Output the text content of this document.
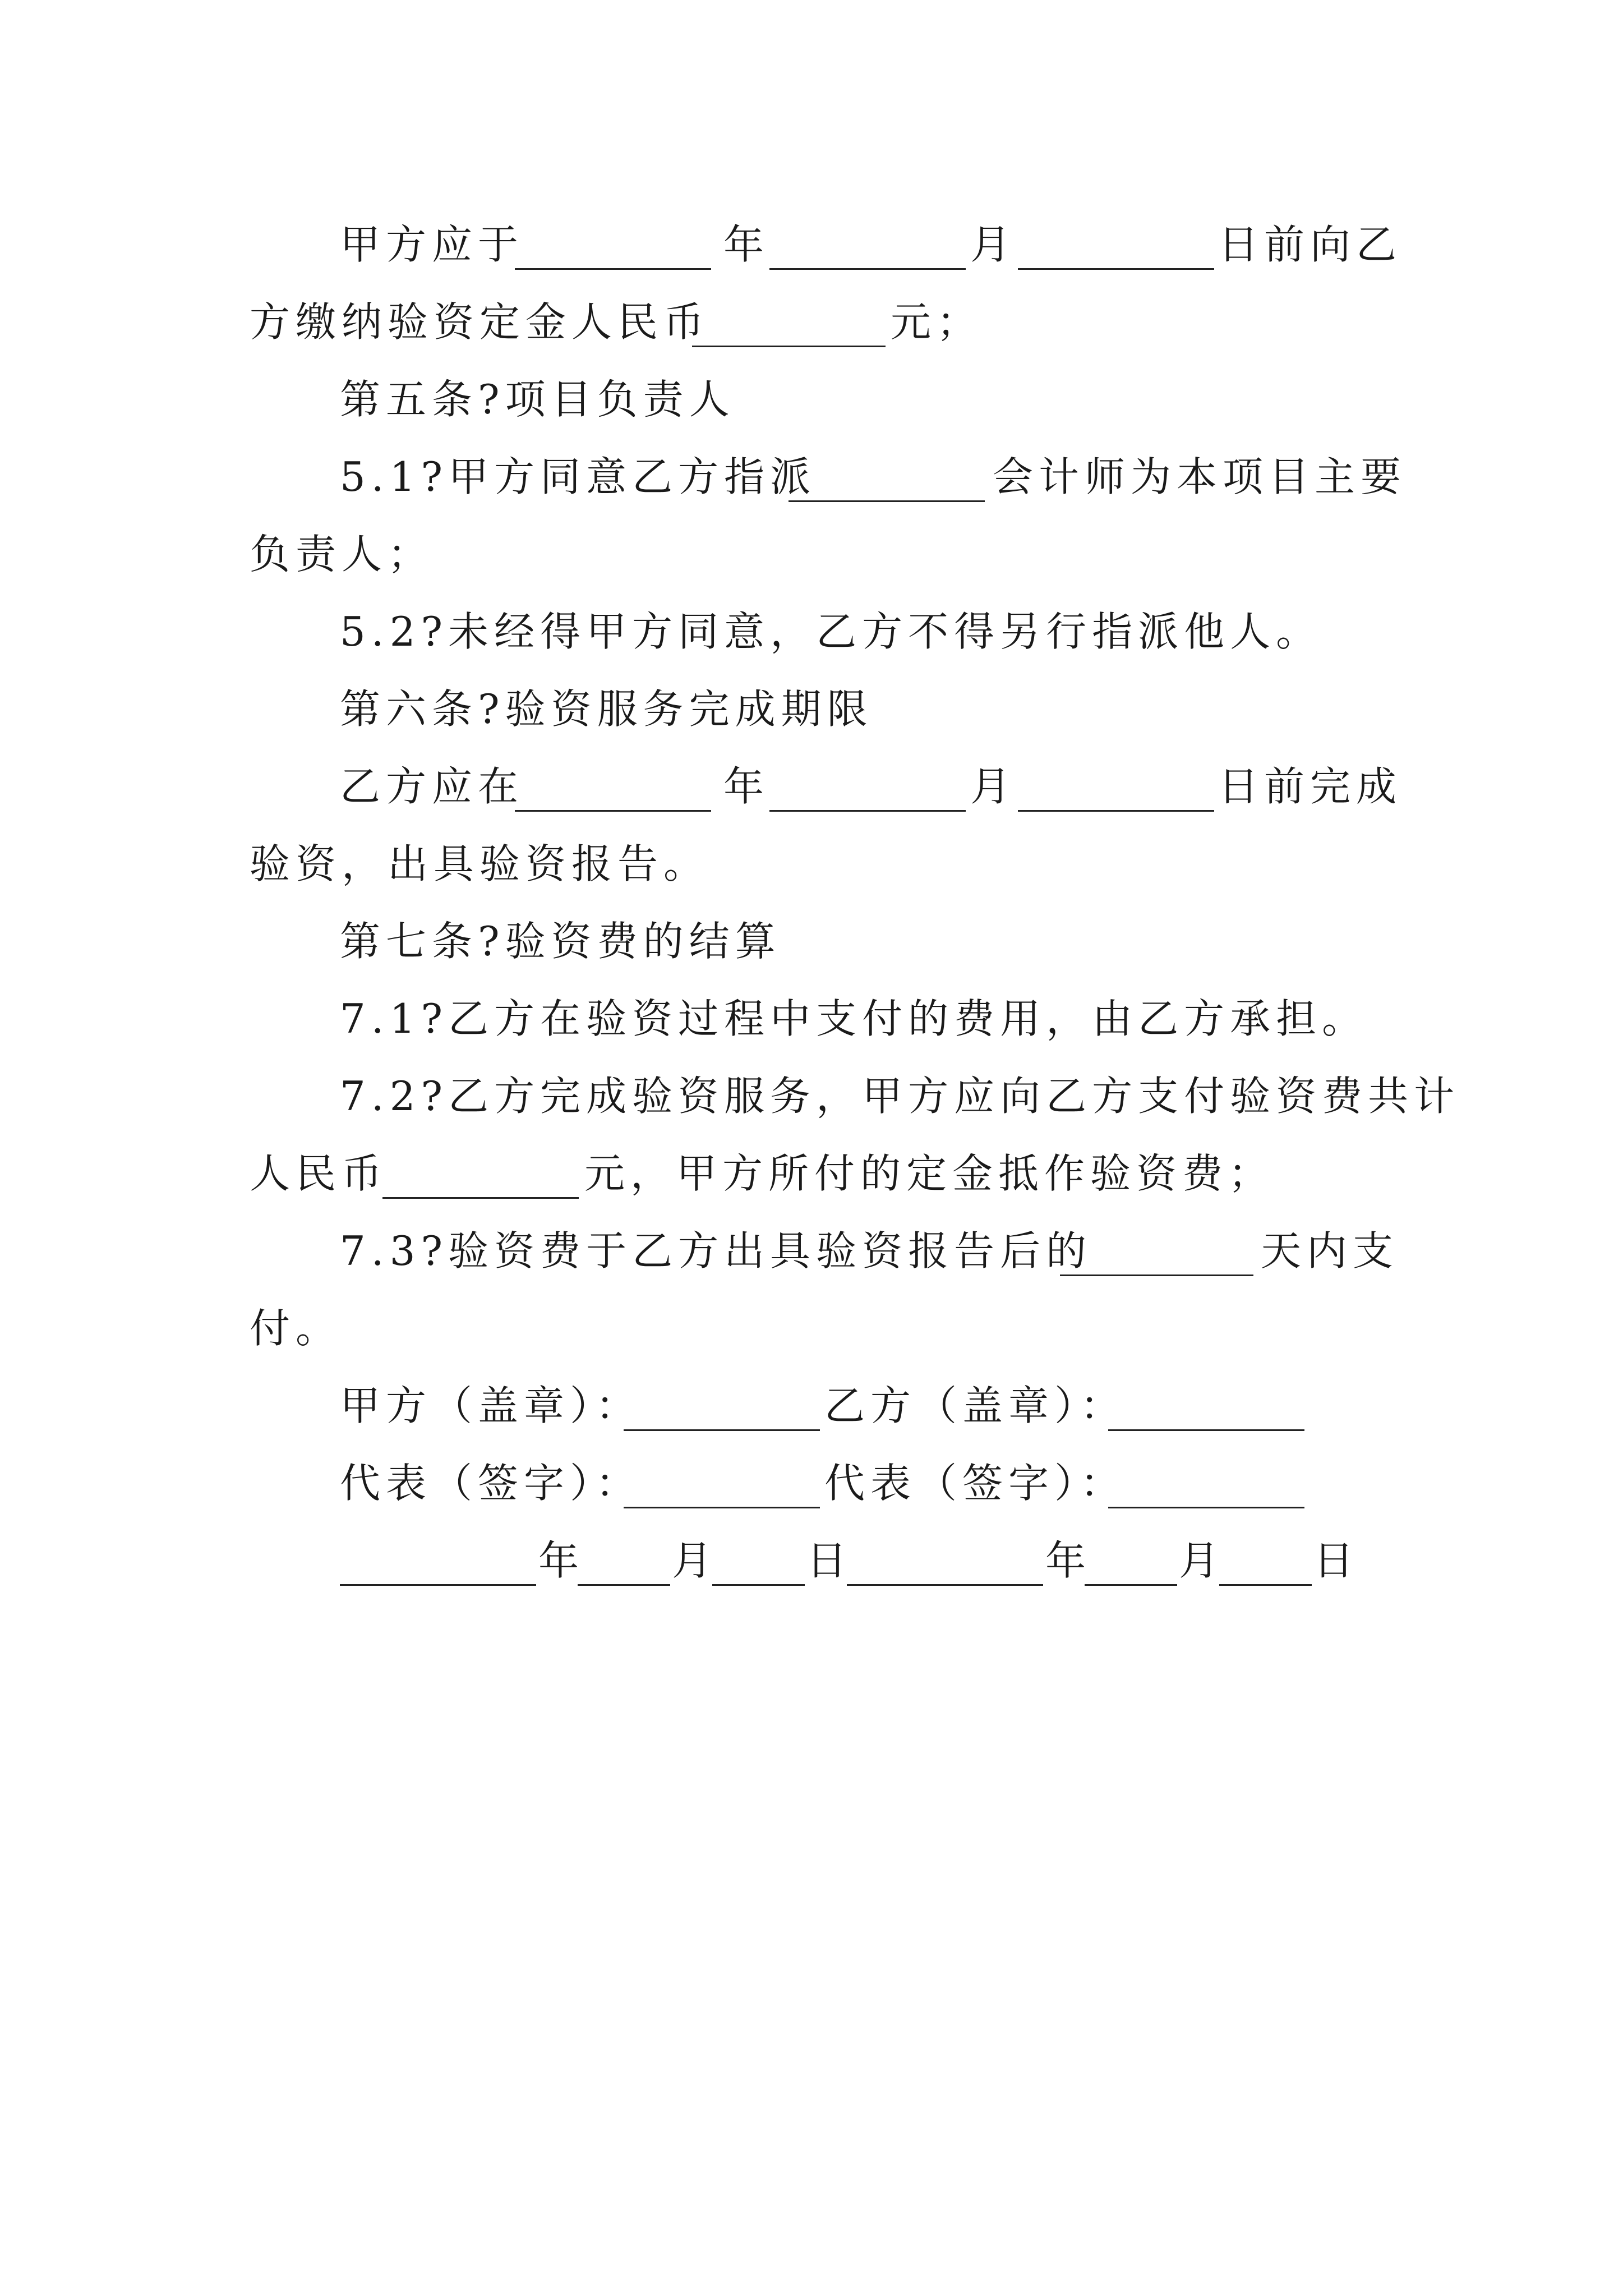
甲方应于	年	月	日前向乙
方缴纳验资定金人民币	元；
第五条?项目负责人
5.1?甲方同意乙方指派	会计师为本项目主要
负责人；
5.2?未经得甲方同意，乙方不得另行指派他人。
第六条?验资服务完成期限
乙方应在	年	月	日前完成
验资，出具验资报告。
第七条?验资费的结算
7.1?乙方在验资过程中支付的费用，由乙方承担。
7.2?乙方完成验资服务，甲方应向乙方支付验资费共计
人民币	元，甲方所付的定金抵作验资费；
7.3?验资费于乙方出具验资报告后的	天内支
付。
甲方（盖章）：	乙方（盖章）：
代表（签字）：	代表（签字）：
年 月 日	年 月 日
